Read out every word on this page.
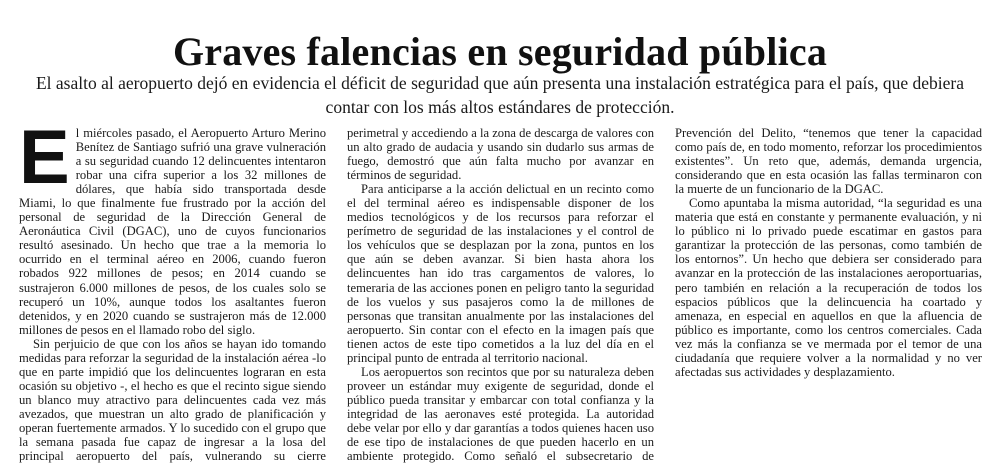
Graves falencias en seguridad pública
El asalto al aeropuerto dejó en evidencia el déficit de seguridad que aún presenta una instalación estratégica para el país, que debiera contar con los más altos estándares de protección.

El miércoles pasado, el Aeropuerto Arturo Merino Benítez de Santiago sufrió una grave vulneración a su seguridad cuando 12 delincuentes intentaron robar una cifra superior a los 32 millones de dólares, que había sido transportada desde Miami, lo que finalmente fue frustrado por la acción del personal de seguridad de la Dirección General de Aeronáutica Civil (DGAC), uno de cuyos funcionarios resultó asesinado. Un hecho que trae a la memoria lo ocurrido en el terminal aéreo en 2006, cuando fueron robados 922 millones de pesos; en 2014 cuando se sustrajeron 6.000 millones de pesos, de los cuales solo se recuperó un 10%, aunque todos los asaltantes fueron detenidos, y en 2020 cuando se sustrajeron más de 12.000 millones de pesos en el llamado robo del siglo.

Sin perjuicio de que con los años se hayan ido tomando medidas para reforzar la seguridad de la instalación aérea -lo que en parte impidió que los delincuentes lograran en esta ocasión su objetivo -, el hecho es que el recinto sigue siendo un blanco muy atractivo para delincuentes cada vez más avezados, que muestran un alto grado de planificación y operan fuertemente armados. Y lo sucedido con el grupo que la semana pasada fue capaz de ingresar a la losa del principal aeropuerto del país, vulnerando su cierre perimetral y accediendo a la zona de descarga de valores con un alto grado de audacia y usando sin dudarlo sus armas de fuego, demostró que aún falta mucho por avanzar en términos de seguridad.

Para anticiparse a la acción delictual en un recinto como el del terminal aéreo es indispensable disponer de los medios tecnológicos y de los recursos para reforzar el perímetro de seguridad de las instalaciones y el control de los vehículos que se desplazan por la zona, puntos en los que aún se deben avanzar. Si bien hasta ahora los delincuentes han ido tras cargamentos de valores, lo temeraria de las acciones ponen en peligro tanto la seguridad de los vuelos y sus pasajeros como la de millones de personas que transitan anualmente por las instalaciones del aeropuerto. Sin contar con el efecto en la imagen país que tienen actos de este tipo cometidos a la luz del día en el principal punto de entrada al territorio nacional.

Los aeropuertos son recintos que por su naturaleza deben proveer un estándar muy exigente de seguridad, donde el público pueda transitar y embarcar con total confianza y la integridad de las aeronaves esté protegida. La autoridad debe velar por ello y dar garantías a todos quienes hacen uso de ese tipo de instalaciones de que pueden hacerlo en un ambiente protegido. Como señaló el subsecretario de Prevención del Delito, “tenemos que tener la capacidad como país de, en todo momento, reforzar los procedimientos existentes”. Un reto que, además, demanda urgencia, considerando que en esta ocasión las fallas terminaron con la muerte de un funcionario de la DGAC.

Como apuntaba la misma autoridad, “la seguridad es una materia que está en constante y permanente evaluación, y ni lo público ni lo privado puede escatimar en gastos para garantizar la protección de las personas, como también de los entornos”. Un hecho que debiera ser considerado para avanzar en la protección de las instalaciones aeroportuarias, pero también en relación a la recuperación de todos los espacios públicos que la delincuencia ha coartado y amenaza, en especial en aquellos en que la afluencia de público es importante, como los centros comerciales. Cada vez más la confianza se ve mermada por el temor de una ciudadanía que requiere volver a la normalidad y no ver afectadas sus actividades y desplazamiento.
